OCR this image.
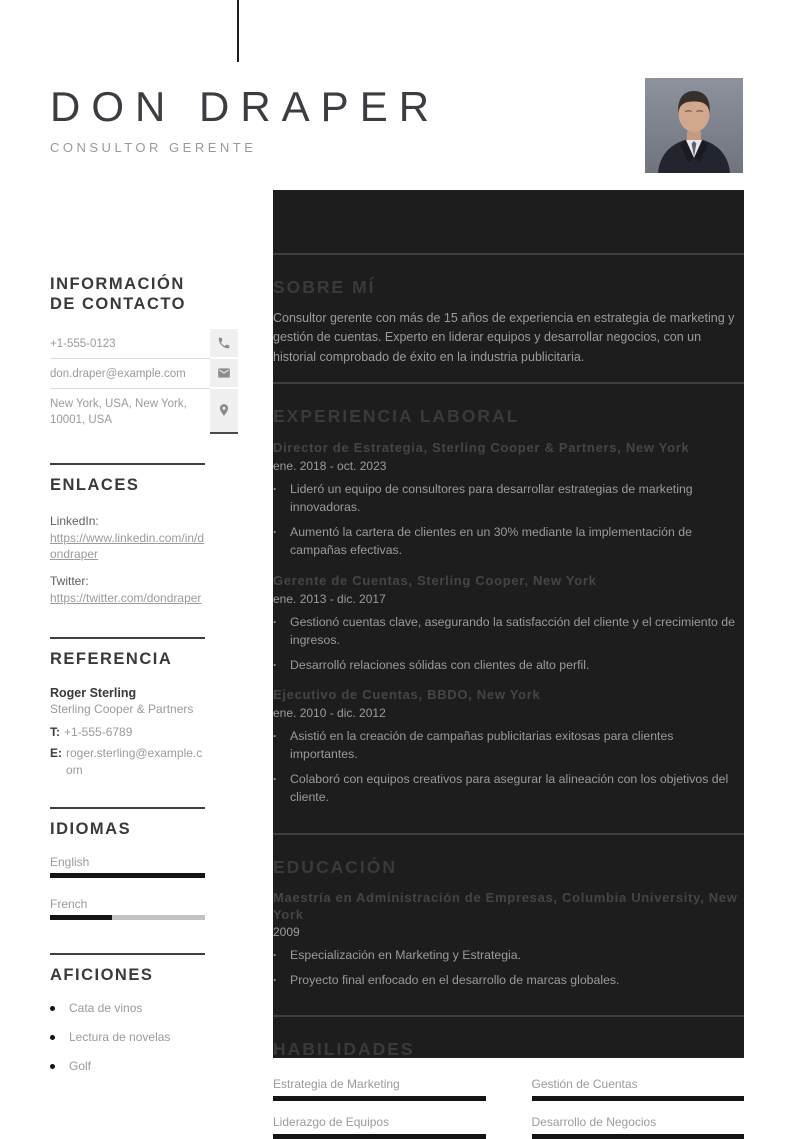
DON DRAPER
CONSULTOR GERENTE
INFORMACIÓN DE CONTACTO
+1-555-0123
don.draper@example.com
New York, USA, New York, 10001, USA
ENLACES
LinkedIn:
https://www.linkedin.com/in/dondraper
Twitter:
https://twitter.com/dondraper
REFERENCIA
Roger Sterling
Sterling Cooper & Partners
T: +1-555-6789
E: roger.sterling@example.com
IDIOMAS
English
French
AFICIONES
Cata de vinos
Lectura de novelas
Golf
SOBRE MÍ

Consultor gerente con más de 15 años de experiencia en estrategia de marketing y gestión de cuentas. Experto en liderar equipos y desarrollar negocios, con un historial comprobado de éxito en la industria publicitaria.

EXPERIENCIA LABORAL
Director de Estrategia, Sterling Cooper & Partners, New York
ene. 2018 - oct. 2023
·	Lideró un equipo de consultores para desarrollar estrategias de marketing innovadoras.
·	Aumentó la cartera de clientes en un 30% mediante la implementación de campañas efectivas.
Gerente de Cuentas, Sterling Cooper, New York
ene. 2013 - dic. 2017
·	Gestionó cuentas clave, asegurando la satisfacción del cliente y el crecimiento de ingresos.
·	Desarrolló relaciones sólidas con clientes de alto perfil.
Ejecutivo de Cuentas, BBDO, New York
ene. 2010 - dic. 2012
·	Asistió en la creación de campañas publicitarias exitosas para clientes importantes.
·	Colaboró con equipos creativos para asegurar la alineación con los objetivos del cliente.
EDUCACIÓN
Maestría en Administración de Empresas, Columbia University, New York
2009
·	Especialización en Marketing y Estrategia.
·	Proyecto final enfocado en el desarrollo de marcas globales.
HABILIDADES
Estrategia de Marketing	Gestión de Cuentas
Liderazgo de Equipos	Desarrollo de Negocios
